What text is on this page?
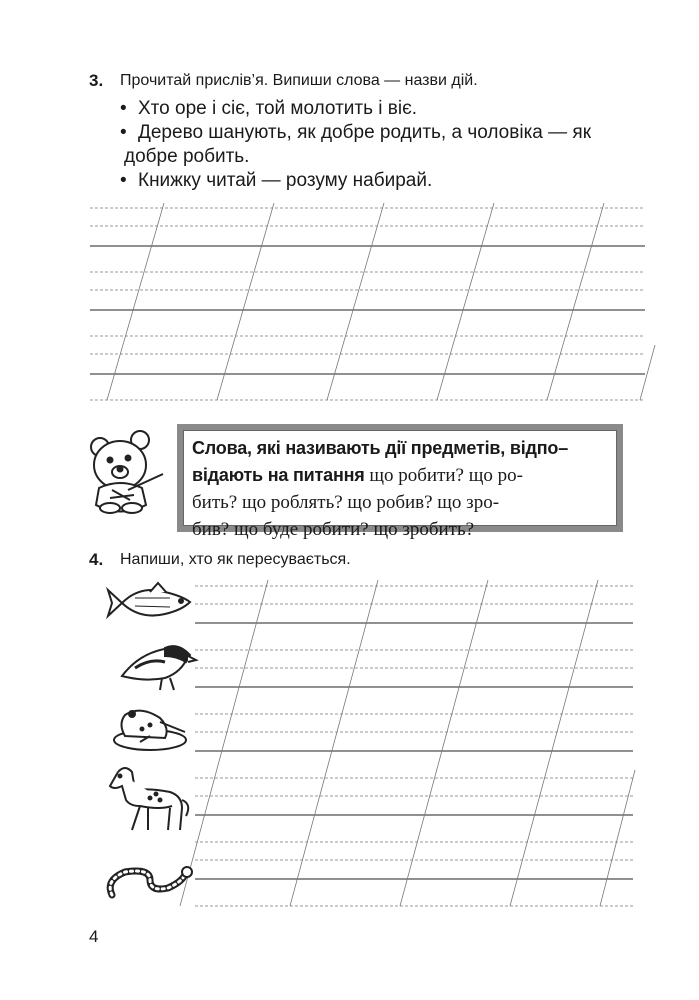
3. Прочитай прислів’я. Випиши слова — назви дій.
• Хто оре і сіє, той молотить і віє.
• Дерево шанують, як добре родить, а чоловіка — як
добре робить.
• Книжку читай — розуму набирай.
Слова, які називають дії предметів, відпо–
відають на питання що робити? що ро-
бить? що роблять? що робив? що зро-
бив? що буде робити? що зробить?
4. Напиши, хто як пересувається.
4
